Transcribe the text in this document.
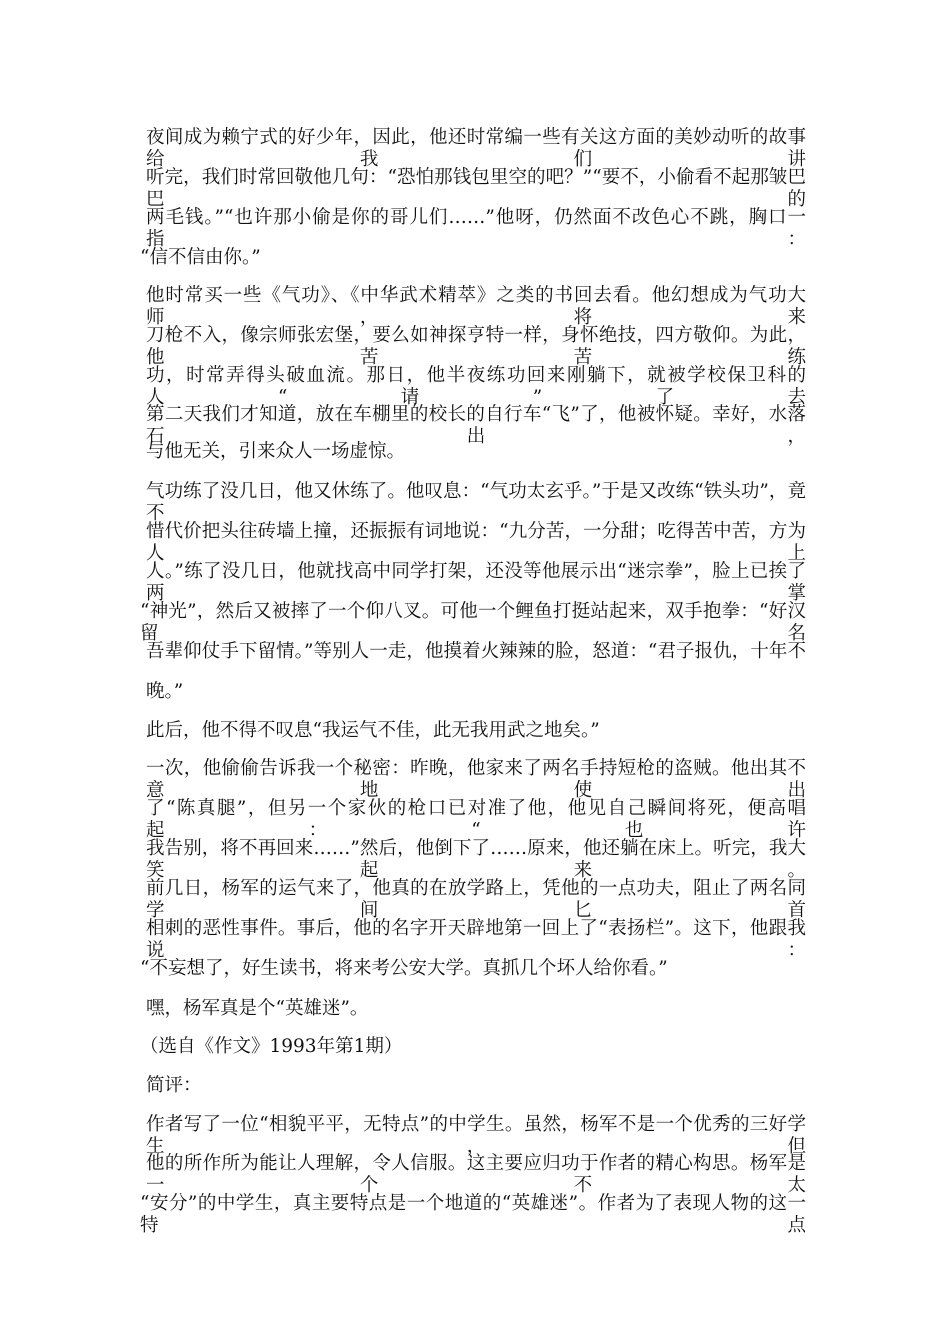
夜间成为赖宁式的好少年，因此，他还时常编一些有关这方面的美妙动听的故事给我们讲
听完，我们时常回敬他几句：“恐怕那钱包里空的吧？”“要不，小偷看不起那皱巴巴的
两毛钱。”“也许那小偷是你的哥儿们……”他呀，仍然面不改色心不跳，胸口一指：
“信不信由你。”
他时常买一些《气功》、《中华武术精萃》之类的书回去看。他幻想成为气功大师，将来
刀枪不入，像宗师张宏堡，要么如神探亨特一样，身怀绝技，四方敬仰。为此，他苦苦练
功，时常弄得头破血流。那日，他半夜练功回来刚躺下，就被学校保卫科的人“请”了去
第二天我们才知道，放在车棚里的校长的自行车“飞”了，他被怀疑。幸好，水落石出，
与他无关，引来众人一场虚惊。
气功练了没几日，他又休练了。他叹息：“气功太玄乎。”于是又改练“铁头功”，竟不
惜代价把头往砖墙上撞，还振振有词地说：“九分苦，一分甜；吃得苦中苦，方为人上
人。”练了没几日，他就找高中同学打架，还没等他展示出“迷宗拳”，脸上已挨了两掌
“神光”，然后又被摔了一个仰八叉。可他一个鲤鱼打挺站起来，双手抱拳：“好汉留名
吾辈仰仗手下留情。”等别人一走，他摸着火辣辣的脸，怒道：“君子报仇，十年不
晚。”
此后，他不得不叹息“我运气不佳，此无我用武之地矣。”
一次，他偷偷告诉我一个秘密：昨晚，他家来了两名手持短枪的盗贼。他出其不意地使出
了“陈真腿”，但另一个家伙的枪口已对准了他，他见自己瞬间将死，便高唱起：“也许
我告别，将不再回来……”然后，他倒下了……原来，他还躺在床上。听完，我大笑起来。
前几日，杨军的运气来了，他真的在放学路上，凭他的一点功夫，阻止了两名同学间匕首
相刺的恶性事件。事后，他的名字开天辟地第一回上了“表扬栏”。这下，他跟我说：
“不妄想了，好生读书，将来考公安大学。真抓几个坏人给你看。”
嘿，杨军真是个“英雄迷”。
（选自《作文》1993年第1期）
简评：
作者写了一位“相貌平平，无特点”的中学生。虽然，杨军不是一个优秀的三好学生，但
他的所作所为能让人理解，令人信服。这主要应归功于作者的精心构思。杨军是一个不太
“安分”的中学生，真主要特点是一个地道的“英雄迷”。作者为了表现人物的这一特点
